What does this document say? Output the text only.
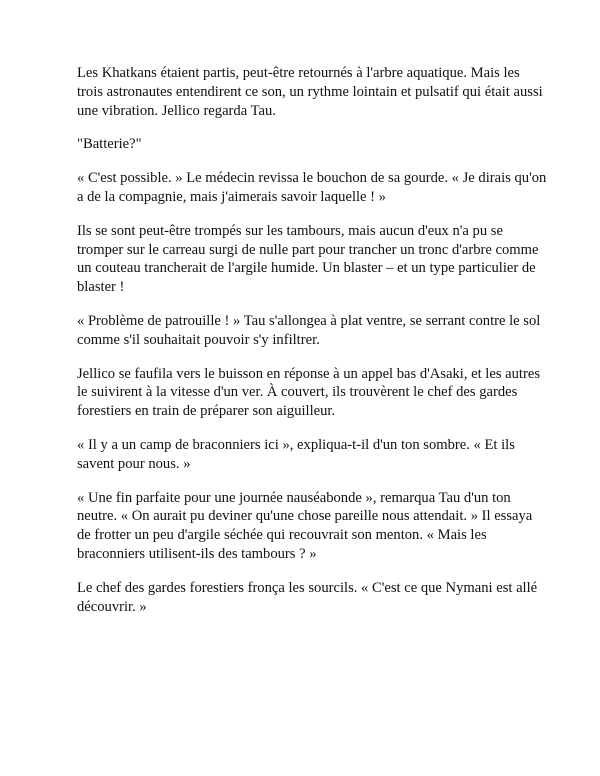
Les Khatkans étaient partis, peut-être retournés à l'arbre aquatique. Mais les trois astronautes entendirent ce son, un rythme lointain et pulsatif qui était aussi une vibration. Jellico regarda Tau.

"Batterie?"

« C'est possible. » Le médecin revissa le bouchon de sa gourde. « Je dirais qu'on a de la compagnie, mais j'aimerais savoir laquelle ! »

Ils se sont peut-être trompés sur les tambours, mais aucun d'eux n'a pu se tromper sur le carreau surgi de nulle part pour trancher un tronc d'arbre comme un couteau trancherait de l'argile humide. Un blaster – et un type particulier de blaster !

« Problème de patrouille ! » Tau s'allongea à plat ventre, se serrant contre le sol comme s'il souhaitait pouvoir s'y infiltrer.

Jellico se faufila vers le buisson en réponse à un appel bas d'Asaki, et les autres le suivirent à la vitesse d'un ver. À couvert, ils trouvèrent le chef des gardes forestiers en train de préparer son aiguilleur.

« Il y a un camp de braconniers ici », expliqua-t-il d'un ton sombre. « Et ils savent pour nous. »

« Une fin parfaite pour une journée nauséabonde », remarqua Tau d'un ton neutre. « On aurait pu deviner qu'une chose pareille nous attendait. » Il essaya de frotter un peu d'argile séchée qui recouvrait son menton. « Mais les braconniers utilisent-ils des tambours ? »

Le chef des gardes forestiers fronça les sourcils. « C'est ce que Nymani est allé découvrir. »
